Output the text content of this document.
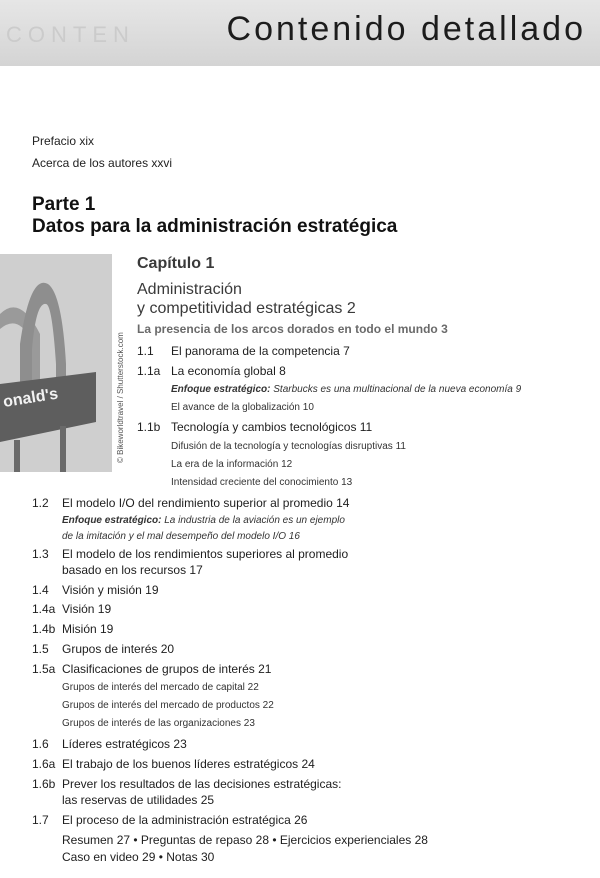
CONTEN	Contenido detallado
Prefacio xix
Acerca de los autores xxvi
Parte 1
Datos para la administración estratégica
onald's	© Bikeworldtravel / Shutterstock.com
Capítulo 1
Administración
y competitividad estratégicas 2
La presencia de los arcos dorados en todo el mundo 3
1.1 El panorama de la competencia 7
1.1a La economía global 8
Enfoque estratégico: Starbucks es una multinacional de la nueva economía 9
El avance de la globalización 10
1.1b Tecnología y cambios tecnológicos 11
Difusión de la tecnología y tecnologías disruptivas 11
La era de la información 12
Intensidad creciente del conocimiento 13
1.2 El modelo I/O del rendimiento superior al promedio 14
Enfoque estratégico: La industria de la aviación es un ejemplo
de la imitación y el mal desempeño del modelo I/O 16
1.3 El modelo de los rendimientos superiores al promedio
basado en los recursos 17
1.4 Visión y misión 19
1.4a Visión 19
1.4b Misión 19
1.5 Grupos de interés 20
1.5a Clasificaciones de grupos de interés 21
Grupos de interés del mercado de capital 22
Grupos de interés del mercado de productos 22
Grupos de interés de las organizaciones 23
1.6 Líderes estratégicos 23
1.6a El trabajo de los buenos líderes estratégicos 24
1.6b Prever los resultados de las decisiones estratégicas:
las reservas de utilidades 25
1.7 El proceso de la administración estratégica 26
Resumen 27 • Preguntas de repaso 28 • Ejercicios experienciales 28
Caso en video 29 • Notas 30
